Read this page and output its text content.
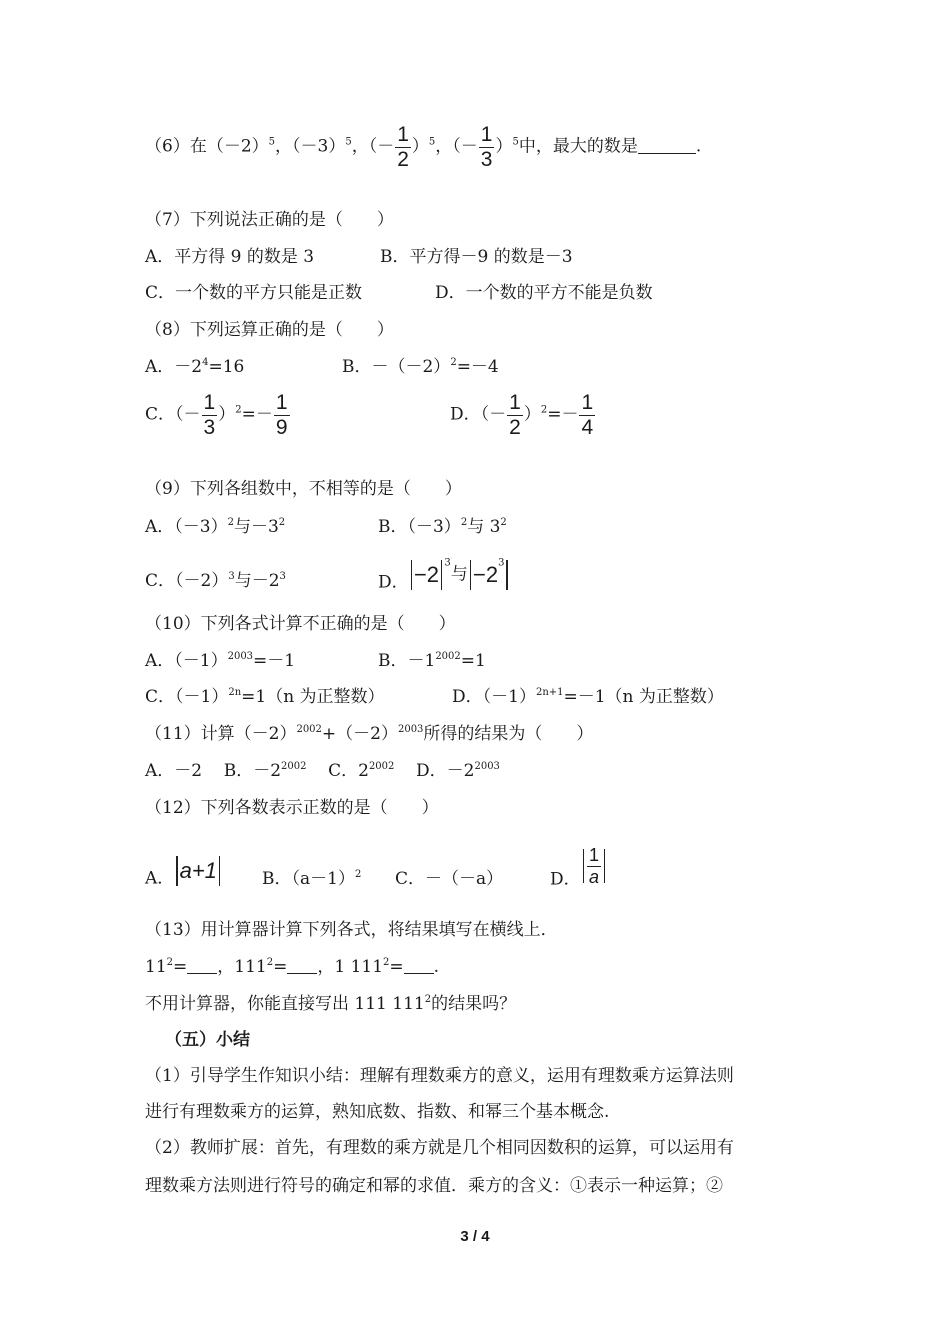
（6）在$(-2)^5$，$(-3)^5$，（－ $\frac{1}{2} )^5$，（－ $\frac{1}{3} )^5$中，最大的数是	.
（7）下列说法正确的是（　　）
A．平方得 9 的数是 3	B．平方得－9 的数是－3
C．一个数的平方只能是正数	D．一个数的平方不能是负数
（8）下列运算正确的是（　　）
A．$-2^4=16$	B．$-(-2)^2=-4$
C．（－ $\frac{1}{3} )^2=- \frac{1}{9}$	D．（－ $\frac{1}{2} )^2=- \frac{1}{4}$
（9）下列各组数中，不相等的是（　　）
A．$(-3)^2$与$-3^2$	B．$(-3)^2$与 $3^2$
C．$(-2)^3$与$-2^3$	D． −2 $^3$与 $-2^3$
（10）下列各式计算不正确的是（　　）
A．$(-1)^{2003}=-1$	B．$-1^{2002}=1$
C．$(-1)^{2n}=1(n$ 为正整数）	D．$(-1)^{2n+1}=-1(n$ 为正整数）
（11）计算$(-2)^{2002}+(-2)^{2003}$所得的结果为（　　）
A．－2 B．$-2^{2002}$ C．$2^{2002}$ D．$-2^{2003}$
（12）下列各数表示正数的是（　　）
A． a+1	B．$(a-1)^2$ C．－（－a）	D． $\frac{1}{a}$
（13）用计算器计算下列各式，将结果填写在横线上．
$11^2=$ ，$111^2=$ ，1 $111^2=$ .
不用计算器，你能直接写出 111 $111^2$的结果吗？
（五）小结
（1）引导学生作知识小结：理解有理数乘方的意义，运用有理数乘方运算法则
进行有理数乘方的运算，熟知底数、指数、和幂三个基本概念.
（2）教师扩展：首先，有理数的乘方就是几个相同因数积的运算，可以运用有
理数乘方法则进行符号的确定和幂的求值．乘方的含义：①表示一种运算；②
3 / 4
